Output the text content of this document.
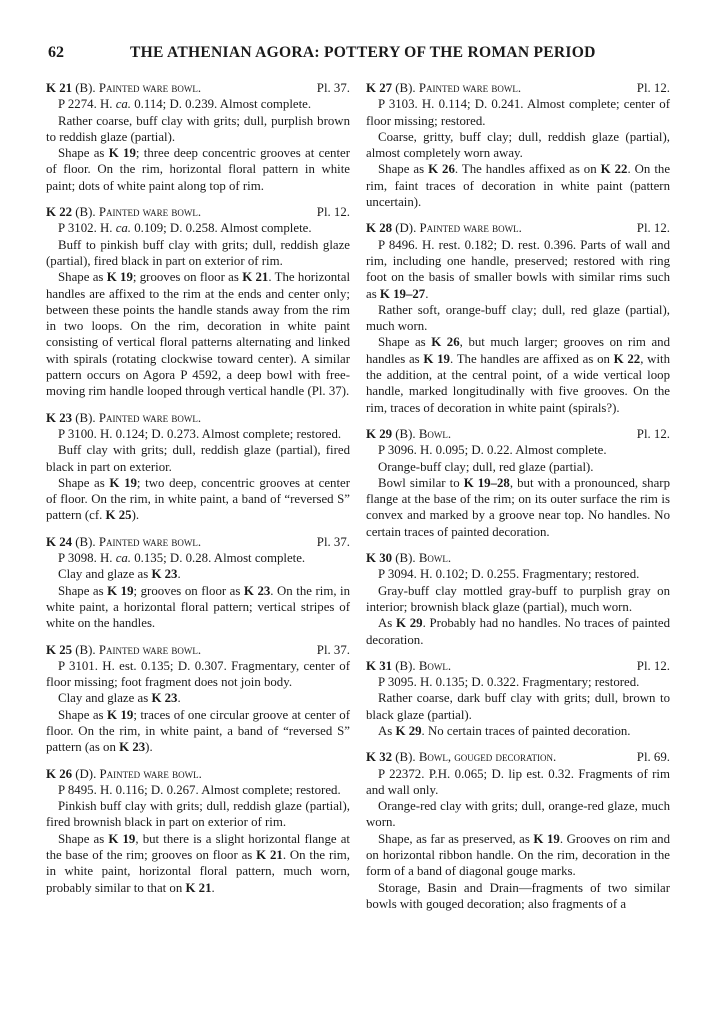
62	THE ATHENIAN AGORA: POTTERY OF THE ROMAN PERIOD
K 21 (B). Painted ware bowl.	Pl. 37.
P 2274. H. ca. 0.114; D. 0.239. Almost complete.
Rather coarse, buff clay with grits; dull, purplish brown to reddish glaze (partial).
Shape as K 19; three deep concentric grooves at center of floor. On the rim, horizontal floral pattern in white paint; dots of white paint along top of rim.
K 22 (B). Painted ware bowl.	Pl. 12.
P 3102. H. ca. 0.109; D. 0.258. Almost complete.
Buff to pinkish buff clay with grits; dull, reddish glaze (partial), fired black in part on exterior of rim.
Shape as K 19; grooves on floor as K 21. The horizontal handles are affixed to the rim at the ends and center only; between these points the handle stands away from the rim in two loops. On the rim, decoration in white paint consisting of vertical floral patterns alternating and linked with spirals (rotating clockwise toward center). A similar pattern occurs on Agora P 4592, a deep bowl with free-moving rim handle looped through vertical handle (Pl. 37).
K 23 (B). Painted ware bowl.
P 3100. H. 0.124; D. 0.273. Almost complete; restored.
Buff clay with grits; dull, reddish glaze (partial), fired black in part on exterior.
Shape as K 19; two deep, concentric grooves at center of floor. On the rim, in white paint, a band of “reversed S” pattern (cf. K 25).
K 24 (B). Painted ware bowl.	Pl. 37.
P 3098. H. ca. 0.135; D. 0.28. Almost complete.
Clay and glaze as K 23.
Shape as K 19; grooves on floor as K 23. On the rim, in white paint, a horizontal floral pattern; vertical stripes of white on the handles.
K 25 (B). Painted ware bowl.	Pl. 37.
P 3101. H. est. 0.135; D. 0.307. Fragmentary, center of floor missing; foot fragment does not join body.
Clay and glaze as K 23.
Shape as K 19; traces of one circular groove at center of floor. On the rim, in white paint, a band of “reversed S” pattern (as on K 23).
K 26 (D). Painted ware bowl.
P 8495. H. 0.116; D. 0.267. Almost complete; restored.
Pinkish buff clay with grits; dull, reddish glaze (partial), fired brownish black in part on exterior of rim.
Shape as K 19, but there is a slight horizontal flange at the base of the rim; grooves on floor as K 21. On the rim, in white paint, horizontal floral pattern, much worn, probably similar to that on K 21.
K 27 (B). Painted ware bowl.	Pl. 12.
P 3103. H. 0.114; D. 0.241. Almost complete; center of floor missing; restored.
Coarse, gritty, buff clay; dull, reddish glaze (partial), almost completely worn away.
Shape as K 26. The handles affixed as on K 22. On the rim, faint traces of decoration in white paint (pattern uncertain).
K 28 (D). Painted ware bowl.	Pl. 12.
P 8496. H. rest. 0.182; D. rest. 0.396. Parts of wall and rim, including one handle, preserved; restored with ring foot on the basis of smaller bowls with similar rims such as K 19–27.
Rather soft, orange-buff clay; dull, red glaze (partial), much worn.
Shape as K 26, but much larger; grooves on rim and handles as K 19. The handles are affixed as on K 22, with the addition, at the central point, of a wide vertical loop handle, marked longitudinally with five grooves. On the rim, traces of decoration in white paint (spirals?).
K 29 (B). Bowl.	Pl. 12.
P 3096. H. 0.095; D. 0.22. Almost complete.
Orange-buff clay; dull, red glaze (partial).
Bowl similar to K 19–28, but with a pronounced, sharp flange at the base of the rim; on its outer surface the rim is convex and marked by a groove near top. No handles. No certain traces of painted decoration.
K 30 (B). Bowl.
P 3094. H. 0.102; D. 0.255. Fragmentary; restored.
Gray-buff clay mottled gray-buff to purplish gray on interior; brownish black glaze (partial), much worn.
As K 29. Probably had no handles. No traces of painted decoration.
K 31 (B). Bowl.	Pl. 12.
P 3095. H. 0.135; D. 0.322. Fragmentary; restored.
Rather coarse, dark buff clay with grits; dull, brown to black glaze (partial).
As K 29. No certain traces of painted decoration.
K 32 (B). Bowl, gouged decoration.	Pl. 69.
P 22372. P.H. 0.065; D. lip est. 0.32. Fragments of rim and wall only.
Orange-red clay with grits; dull, orange-red glaze, much worn.
Shape, as far as preserved, as K 19. Grooves on rim and on horizontal ribbon handle. On the rim, decoration in the form of a band of diagonal gouge marks.
Storage, Basin and Drain—fragments of two similar bowls with gouged decoration; also fragments of a
